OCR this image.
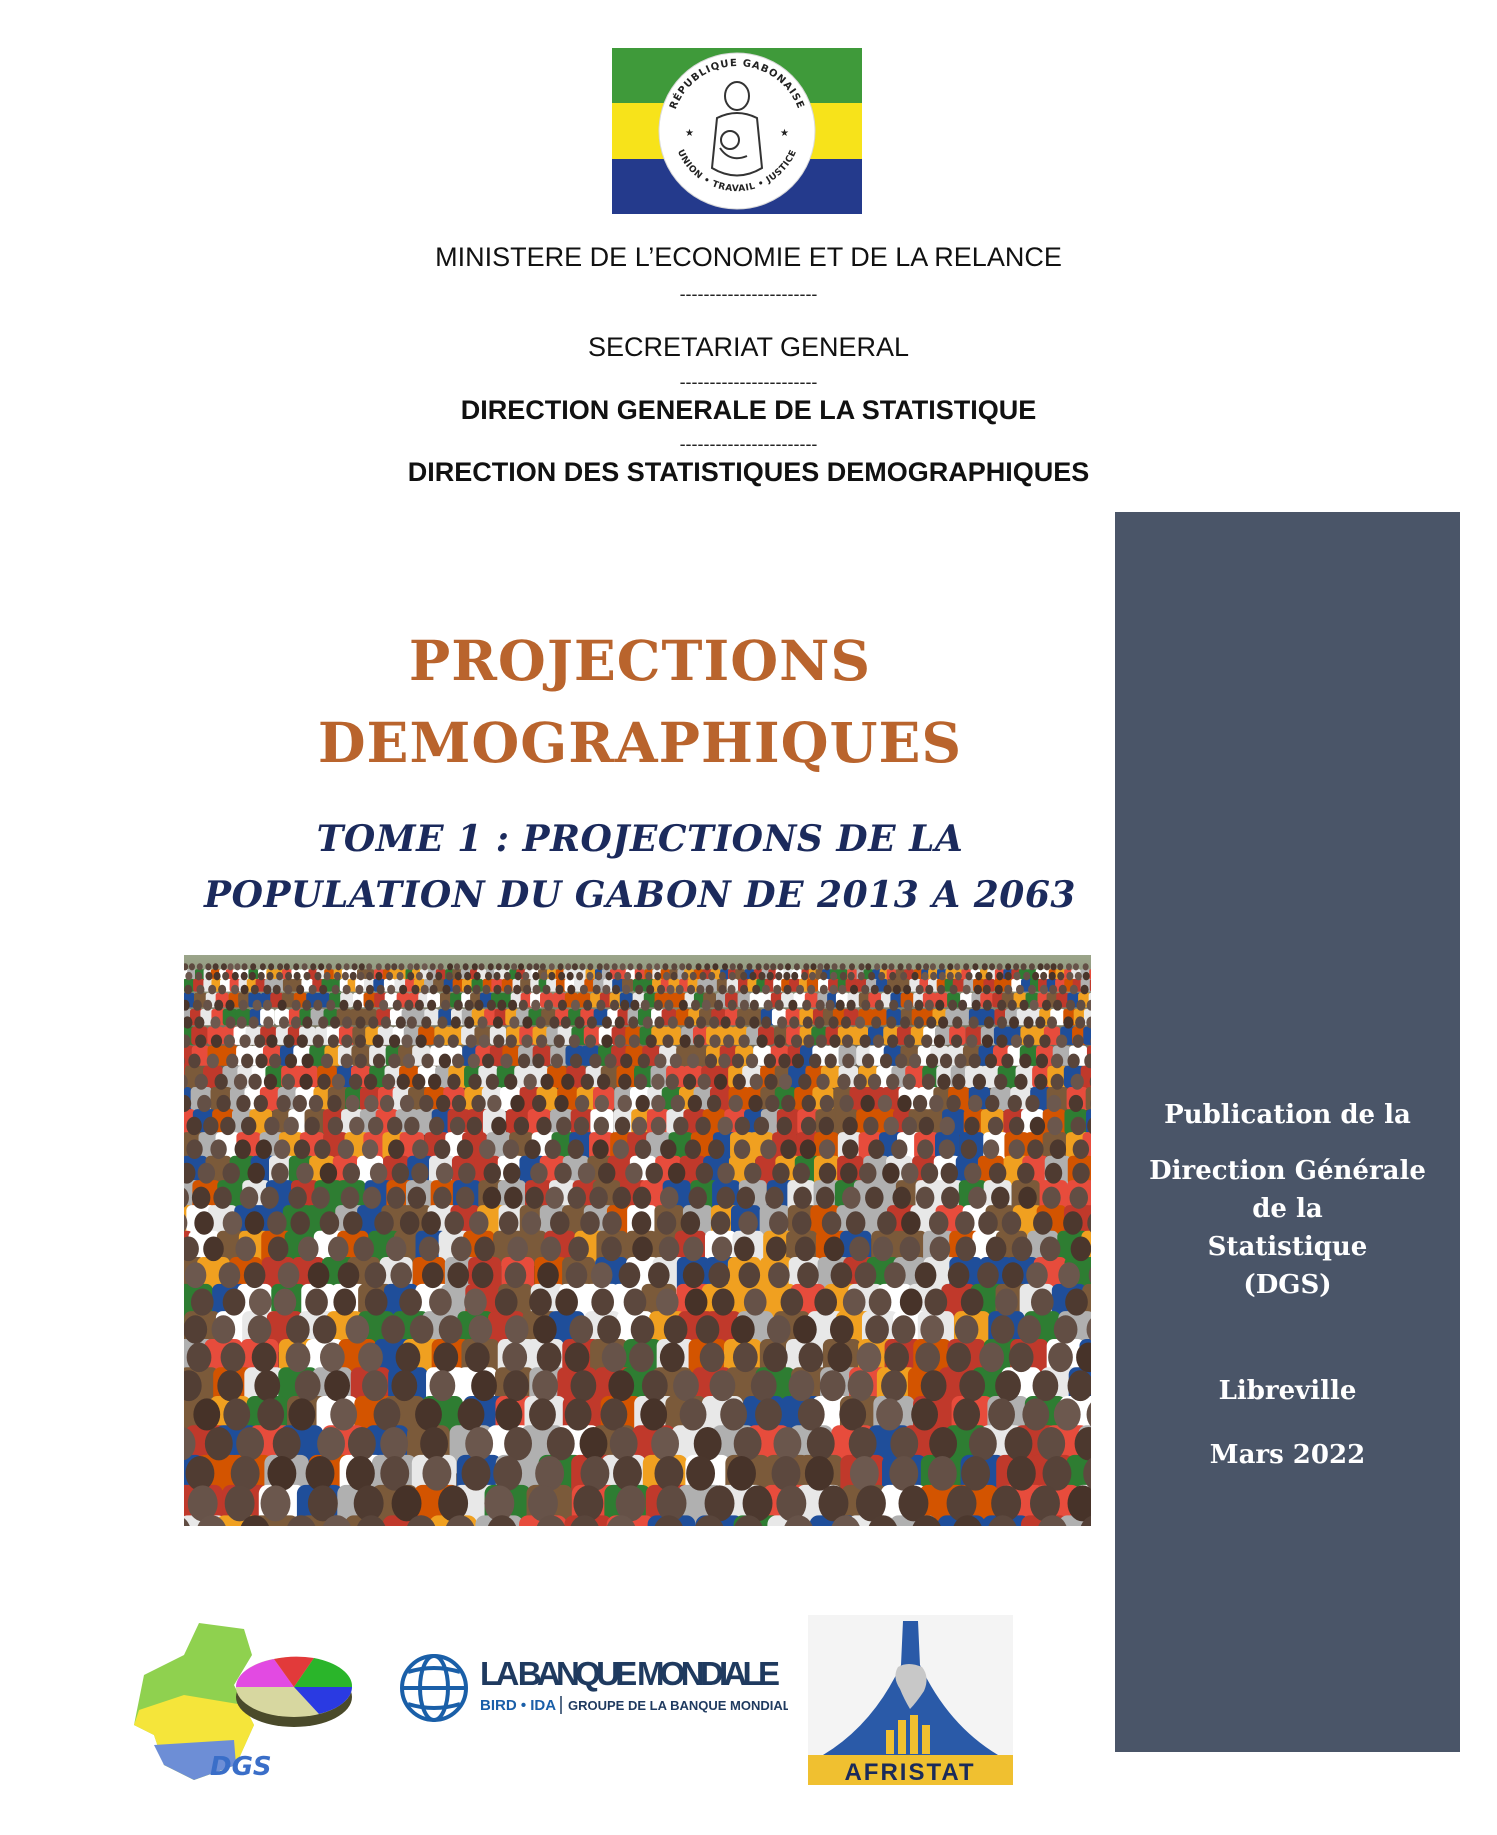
RÉPUBLIQUE GABONAISE
UNION • TRAVAIL • JUSTICE
★	★
MINISTERE DE L’ECONOMIE ET DE LA RELANCE
-----------------------
SECRETARIAT GENERAL
-----------------------
DIRECTION GENERALE DE LA STATISTIQUE
-----------------------
DIRECTION DES STATISTIQUES DEMOGRAPHIQUES
PROJECTIONS
DEMOGRAPHIQUES
TOME 1 : PROJECTIONS DE LA
POPULATION DU GABON DE 2013 A 2063
Publication de la
Direction Générale
de la
Statistique
(DGS)
Libreville
Mars 2022
DGS
LA BANQUE MONDIALE
BIRD • IDA GROUPE DE LA BANQUE MONDIALE
AFRISTAT
